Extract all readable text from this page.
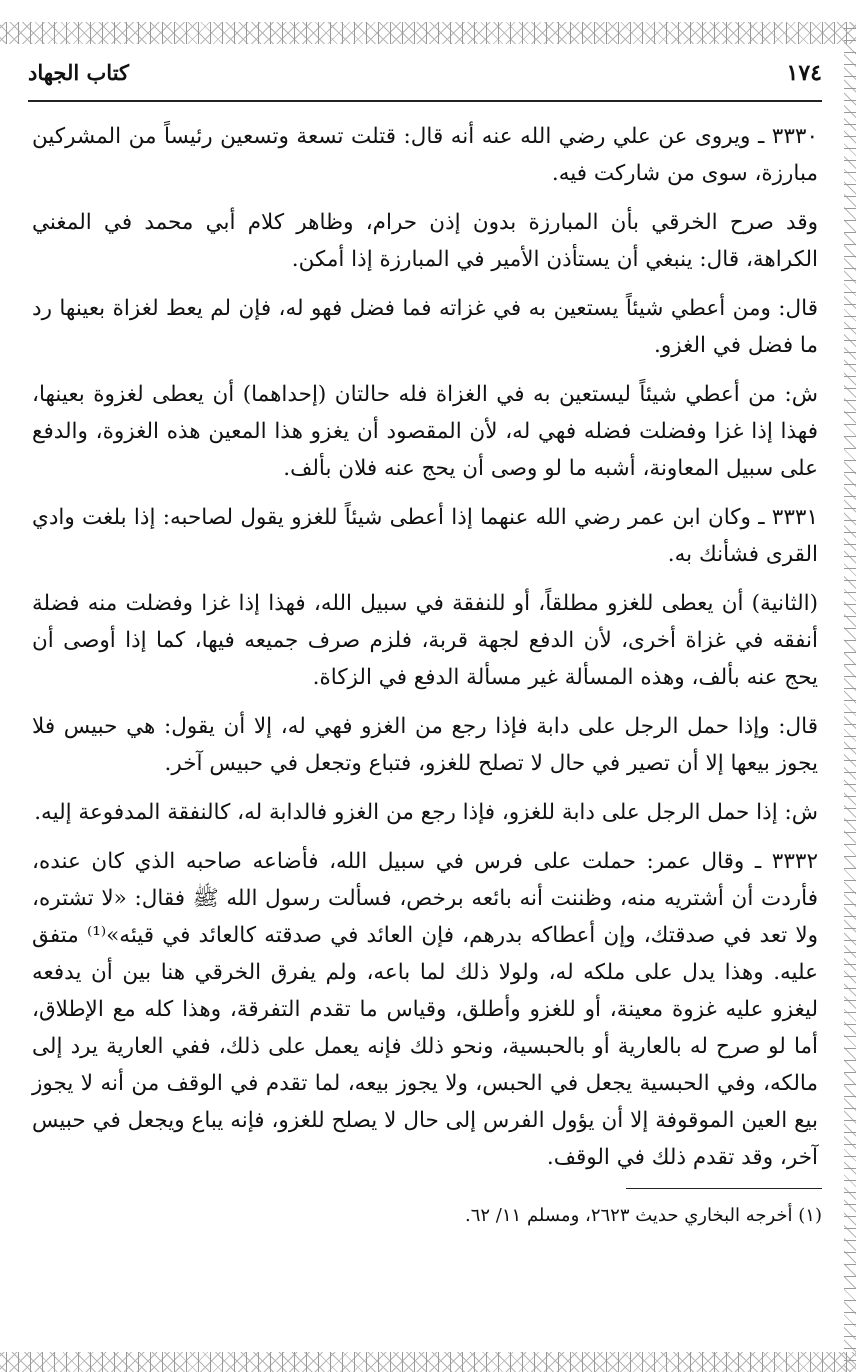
١٧٤
كتاب الجهاد

٣٣٣٠ ـ ويروى عن علي رضي الله عنه أنه قال: قتلت تسعة وتسعين رئيساً من المشركين مبارزة، سوى من شاركت فيه.

وقد صرح الخرقي بأن المبارزة بدون إذن حرام، وظاهر كلام أبي محمد في المغني الكراهة، قال: ينبغي أن يستأذن الأمير في المبارزة إذا أمكن.

قال: ومن أعطي شيئاً يستعين به في غزاته فما فضل فهو له، فإن لم يعط لغزاة بعينها رد ما فضل في الغزو.

ش: من أعطي شيئاً ليستعين به في الغزاة فله حالتان (إحداهما) أن يعطى لغزوة بعينها، فهذا إذا غزا وفضلت فضله فهي له، لأن المقصود أن يغزو هذا المعين هذه الغزوة، والدفع على سبيل المعاونة، أشبه ما لو وصى أن يحج عنه فلان بألف.

٣٣٣١ ـ وكان ابن عمر رضي الله عنهما إذا أعطى شيئاً للغزو يقول لصاحبه: إذا بلغت وادي القرى فشأنك به.

(الثانية) أن يعطى للغزو مطلقاً، أو للنفقة في سبيل الله، فهذا إذا غزا وفضلت منه فضلة أنفقه في غزاة أخرى، لأن الدفع لجهة قربة، فلزم صرف جميعه فيها، كما إذا أوصى أن يحج عنه بألف، وهذه المسألة غير مسألة الدفع في الزكاة.

قال: وإذا حمل الرجل على دابة فإذا رجع من الغزو فهي له، إلا أن يقول: هي حبيس فلا يجوز بيعها إلا أن تصير في حال لا تصلح للغزو، فتباع وتجعل في حبيس آخر.

ش: إذا حمل الرجل على دابة للغزو، فإذا رجع من الغزو فالدابة له، كالنفقة المدفوعة إليه.

٣٣٣٢ ـ وقال عمر: حملت على فرس في سبيل الله، فأضاعه صاحبه الذي كان عنده، فأردت أن أشتريه منه، وظننت أنه بائعه برخص، فسألت رسول الله ﷺ فقال: «لا تشتره، ولا تعد في صدقتك، وإن أعطاكه بدرهم، فإن العائد في صدقته كالعائد في قيئه»⁽¹⁾ متفق عليه. وهذا يدل على ملكه له، ولولا ذلك لما باعه، ولم يفرق الخرقي هنا بين أن يدفعه ليغزو عليه غزوة معينة، أو للغزو وأطلق، وقياس ما تقدم التفرقة، وهذا كله مع الإطلاق، أما لو صرح له بالعارية أو بالحبسية، ونحو ذلك فإنه يعمل على ذلك، ففي العارية يرد إلى مالكه، وفي الحبسية يجعل في الحبس، ولا يجوز بيعه، لما تقدم في الوقف من أنه لا يجوز بيع العين الموقوفة إلا أن يؤول الفرس إلى حال لا يصلح للغزو، فإنه يباع ويجعل في حبيس آخر، وقد تقدم ذلك في الوقف.

(١) أخرجه البخاري حديث ٢٦٢٣، ومسلم ١١/ ٦٢.
